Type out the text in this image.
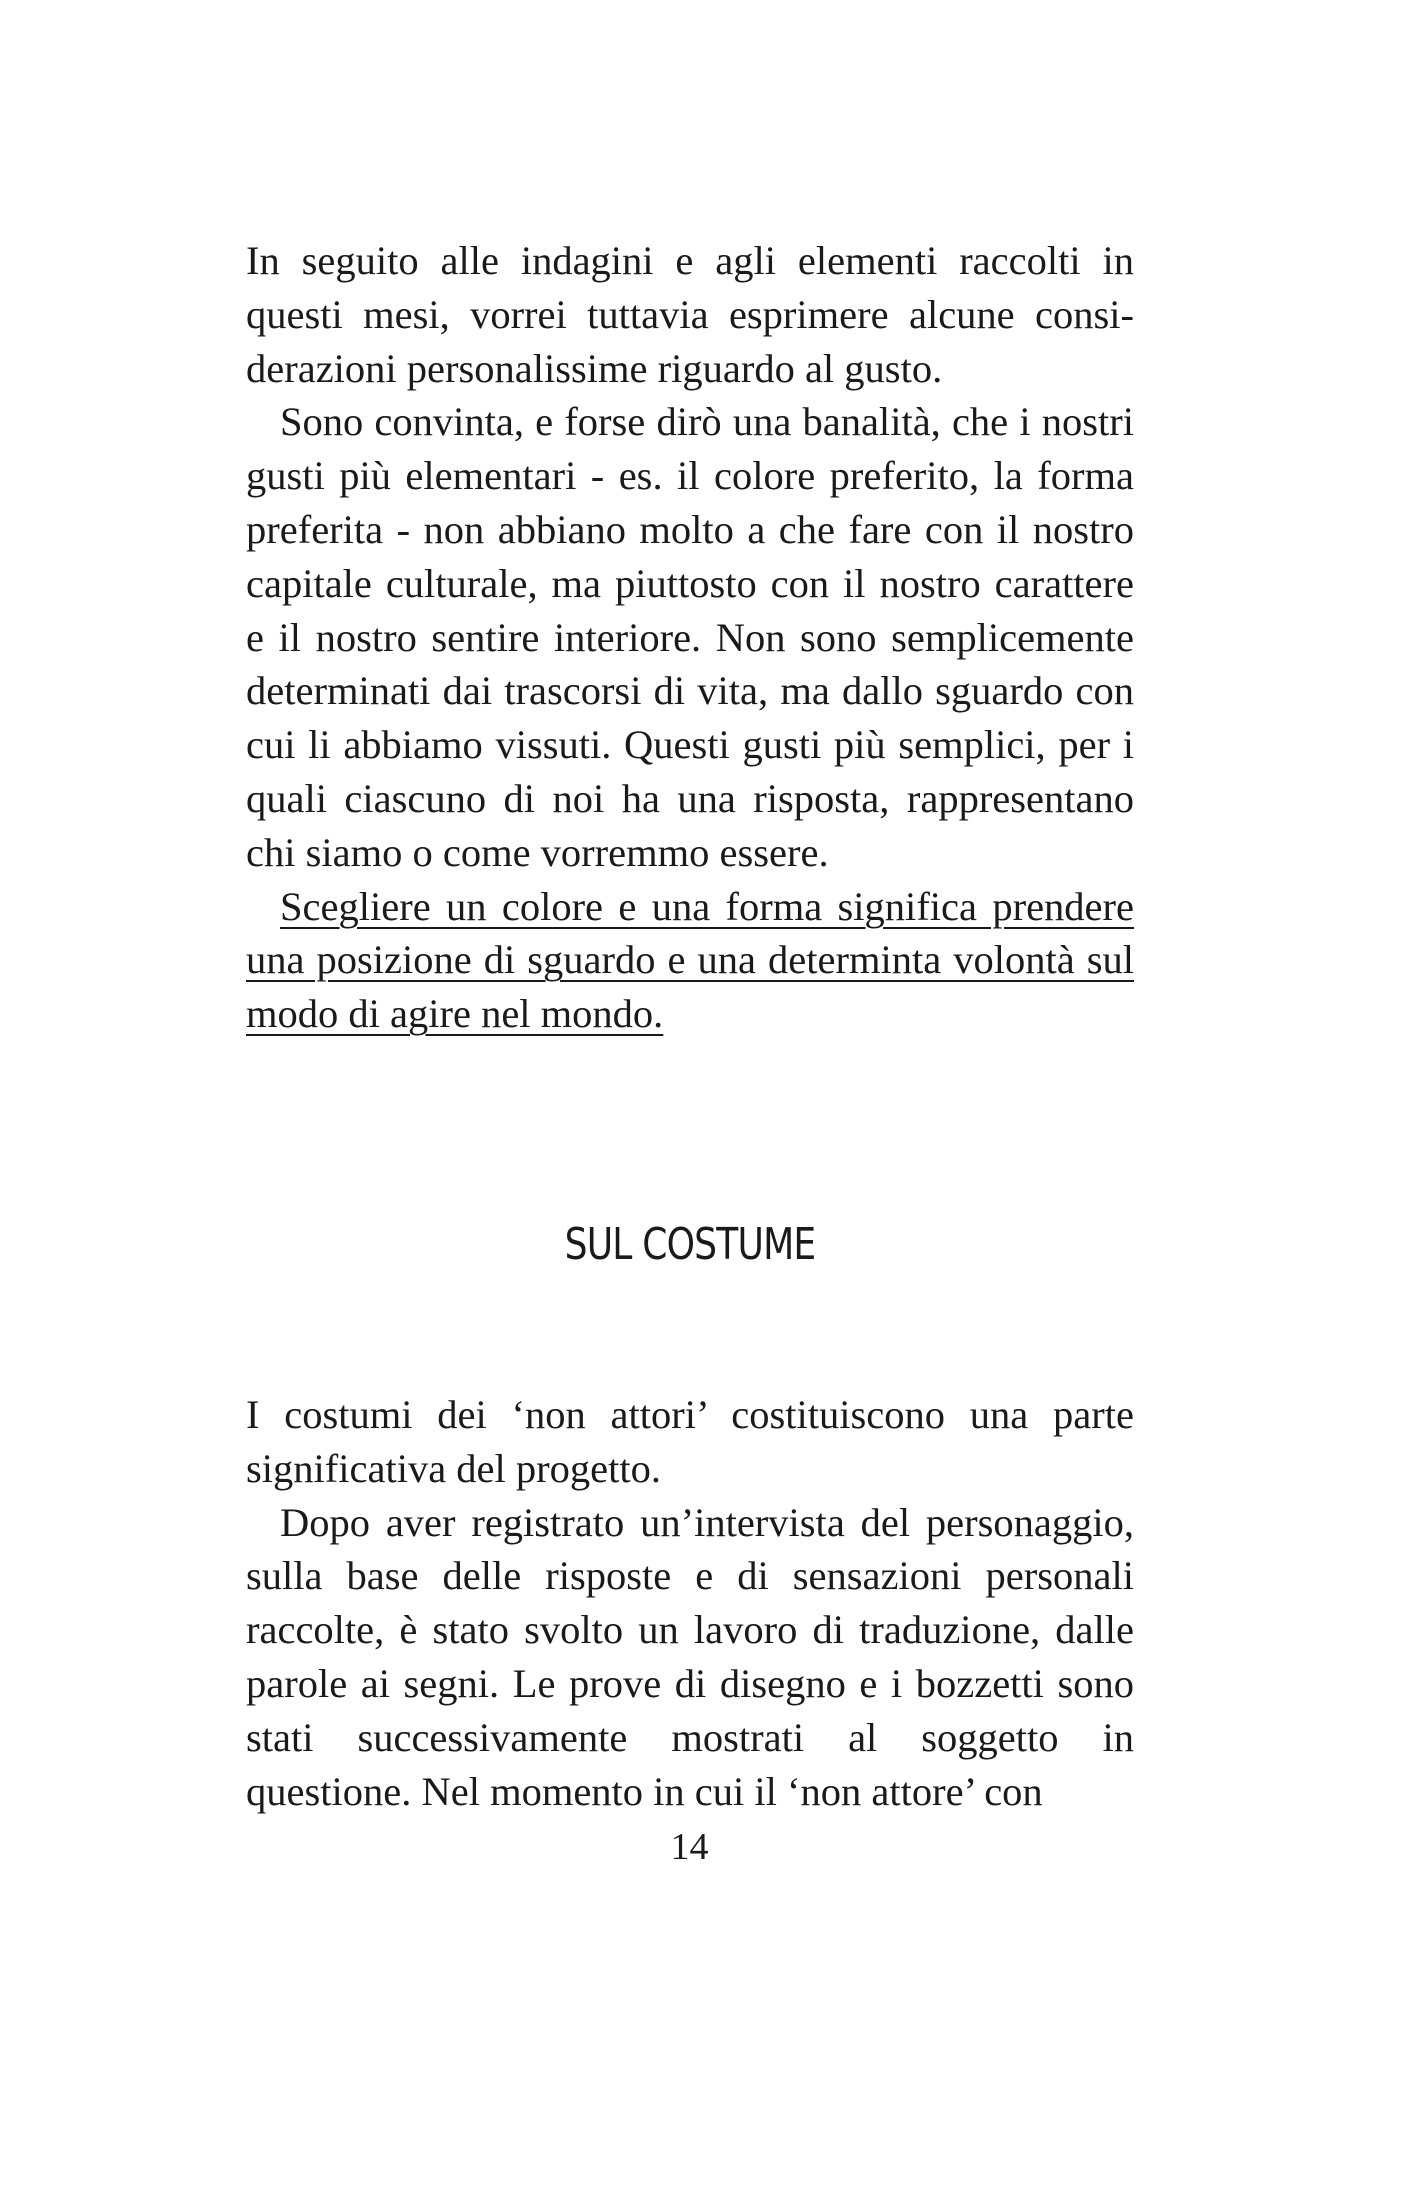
In seguito alle indagini e agli elementi raccolti in questi mesi, vorrei tuttavia esprimere alcune considerazioni personalissime riguardo al gusto.

Sono convinta, e forse dirò una banalità, che i nostri gusti più elementari - es. il colore preferito, la forma preferita - non abbiano molto a che fare con il nostro capitale culturale, ma piuttosto con il nostro carattere e il nostro sentire interiore. Non sono semplicemente determinati dai trascorsi di vita, ma dallo sguardo con cui li abbiamo vissuti. Questi gusti più semplici, per i quali ciascuno di noi ha una risposta, rappresentano chi siamo o come vorremmo essere.

Scegliere un colore e una forma significa prendere una posizione di sguardo e una determinta volontà sul modo di agire nel mondo.

SUL COSTUME

I costumi dei ‘non attori’ costituiscono una parte significativa del progetto.

Dopo aver registrato un’intervista del personaggio, sulla base delle risposte e di sensazioni personali raccolte, è stato svolto un lavoro di traduzione, dalle parole ai segni. Le prove di disegno e i bozzetti sono stati successivamente mostrati al soggetto in questione. Nel momento in cui il ‘non attore’ con

14
